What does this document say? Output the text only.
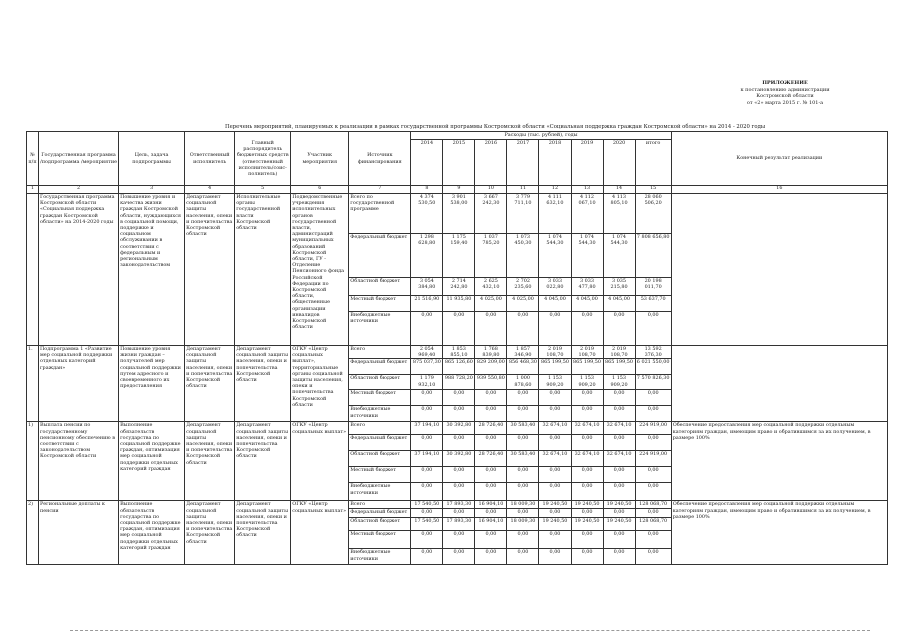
ПРИЛОЖЕНИЕ
к постановлению администрации
Костромской области
от «2» марта 2015 г. № 101-а
Перечень мероприятий, планируемых к реализации в рамках государственной программы Костромской области «Социальная поддержка граждан Костромской области» на 2014 - 2020 годы
№ п/п	Государственная программа /подпрограмма /мероприятие	Цель, задача подпрограммы	Ответственный исполнитель	Главный распорядитель бюджетных средств (ответственный исполнитель/соис- полнитель)	Участник мероприятия	Источник финансирования	Расходы (тыс. рублей), годы								Конечный результат реализации
							2014	2015	2016	2017	2018	2019	2020	итого	
1	2	3	4	5	6	7	8	9	10	11	12	13	14	15	16
	Государственная программа Костромской области «Социальная поддержка граждан Костромской области» на 2014-2020 годы	Повышение уровня и качества жизни граждан Костромской области, нуждающихся в социальной помощи, поддержке и социальном обслуживании в соответствии с федеральным и региональным законодательством	Департамент социальной защиты населения, опеки и попечительства Костромской области	Исполнительные органы государственной власти Костромской области	Подведомственные учреждения исполнительных органов государственной власти, администраций муниципальных образований Костромской области, ГУ - Отделение Пенсионного фонда Российской Федерации по Костромской области, общественные организации инвалидов Костромской области	Всего по государственной программе	4 374 530,50	3 901 538,00	3 667 242,30	3 779 711,10	4 111 632,10	4 112 067,10	4 113 805,10	28 060 506,20	
						Федеральный бюджет	1 298 628,80	1 175 159,40	1 037 785,20	1 073 450,30	1 074 544,30	1 074 544,30	1 074 544,30	7 808 656,80	
						Областной бюджет	3 054 384,80	2 714 242,80	2 625 432,10	2 702 235,60	3 033 022,80	3 033 477,80	3 035 215,80	20 198 011,70	
						Местный бюджет	21 516,90	11 935,80	4 025,00	4 025,00	4 045,00	4 045,00	4 045,00	53 637,70	
						Внебюджетные источники	0,00	0,00	0,00	0,00	0,00	0,00	0,00	0,00	
1.	Подпрограмма 1 «Развитие мер социальной поддержки отдельных категорий граждан»	Повышение уровня жизни граждан – получателей мер социальной поддержки путем адресного и своевременного их предоставления	Департамент социальной защиты населения, опеки и попечительства Костромской области	Департамент социальной защиты населения, опеки и попечительства Костромской области	ОГКУ «Центр социальных выплат», территориальные органы социальной защиты населения, опеки и попечительства Костромской области	Всего	2 054 969,40	1 853 855,10	1 768 839,80	1 857 346,90	2 019 108,70	2 019 108,70	2 019 108,70	13 592 376,30	
						Федеральный бюджет	875 037,30	865 126,60	829 209,00	856 468,30	865 199,50	865 199,50	865 199,50	6 021 550,00	
						Областной бюджет	1 179 932,10	988 728,20	939 550,80	1 000 878,60	1 153 909,20	1 153 909,20	1 153 909,20	7 570 826,30	
						Местный бюджет	0,00	0,00	0,00	0,00	0,00	0,00	0,00	0,00	
						Внебюджетные источники	0,00	0,00	0,00	0,00	0,00	0,00	0,00	0,00	
1)	Выплата пенсии по государственному пенсионному обеспечению в соответствии с законодательством Костромской области	Выполнение обязательств государства по социальной поддержке граждан, оптимизация мер социальной поддержки отдельных категорий граждан	Департамент социальной защиты населения, опеки и попечительства Костромской области	Департамент социальной защиты населения, опеки и попечительства Костромской области	ОГКУ «Центр социальных выплат»	Всего	37 194,10	30 392,80	28 726,40	30 583,40	32 674,10	32 674,10	32 674,10	224 919,00	Обеспечение предоставления мер социальной поддержки отдельным категориям граждан, имеющим право и обратившимся за их получением, в размере 100%
						Федеральный бюджет	0,00	0,00	0,00	0,00	0,00	0,00	0,00	0,00	
						Областной бюджет	37 194,10	30 392,80	28 726,40	30 583,40	32 674,10	32 674,10	32 674,10	224 919,00	
						Местный бюджет	0,00	0,00	0,00	0,00	0,00	0,00	0,00	0,00	
						Внебюджетные источники	0,00	0,00	0,00	0,00	0,00	0,00	0,00	0,00	
2)	Региональные доплаты к пенсии	Выполнение обязательств государства по социальной поддержке граждан, оптимизация мер социальной поддержки отдельных категорий граждан	Департамент социальной защиты населения, опеки и попечительства Костромской области	Департамент социальной защиты населения, опеки и попечительства Костромской области	ОГКУ «Центр социальных выплат»	Всего	17 540,50	17 893,30	16 904,10	18 009,30	19 240,50	19 240,50	19 240,50	128 068,70	Обеспечение предоставления мер социальной поддержки отдельным категориям граждан, имеющим право и обратившимся за их получением, в размере 100%
						Федеральный бюджет	0,00	0,00	0,00	0,00	0,00	0,00	0,00	0,00	
						Областной бюджет	17 540,50	17 893,30	16 904,10	18 009,30	19 240,50	19 240,50	19 240,50	128 068,70	
						Местный бюджет	0,00	0,00	0,00	0,00	0,00	0,00	0,00	0,00	
						Внебюджетные источники	0,00	0,00	0,00	0,00	0,00	0,00	0,00	0,00	
